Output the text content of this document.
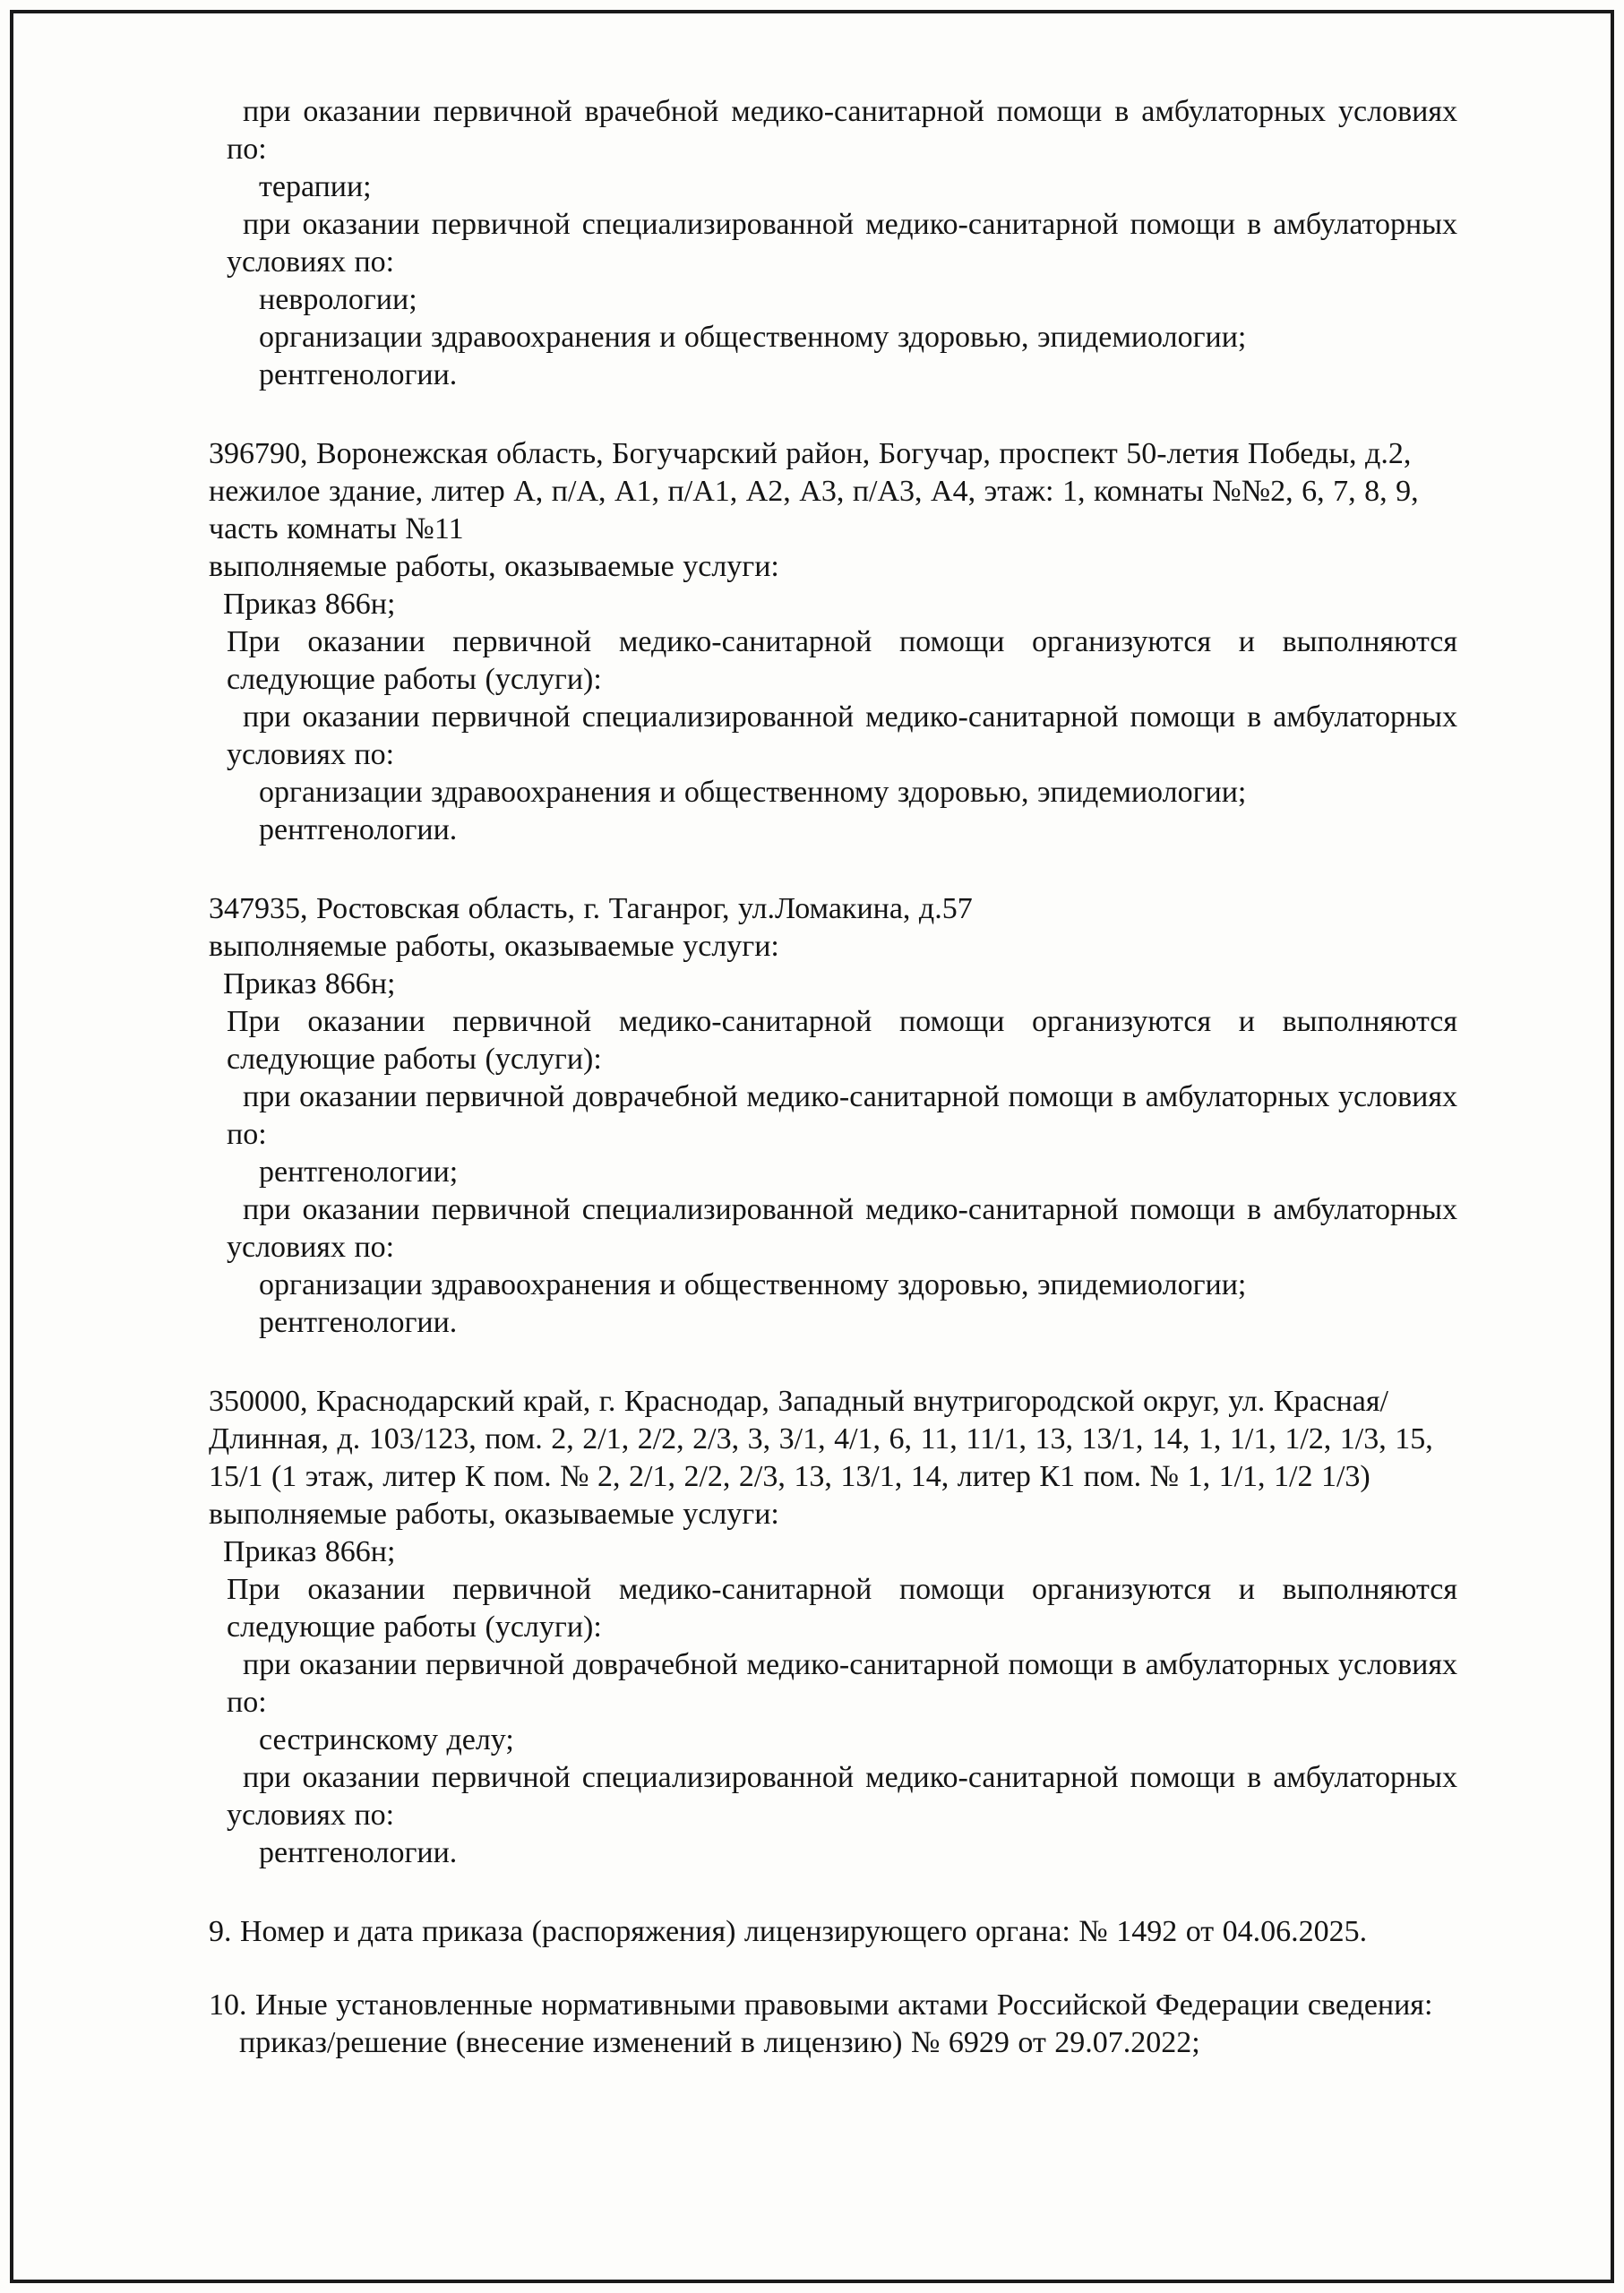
при оказании первичной врачебной медико-санитарной помощи в амбулаторных условиях по:

терапии;

при оказании первичной специализированной медико-санитарной помощи в амбулаторных условиях по:

неврологии;

организации здравоохранения и общественному здоровью, эпидемиологии;

рентгенологии.

396790, Воронежская область, Богучарский район, Богучар, проспект 50-летия Победы, д.2, нежилое здание, литер А, п/А, А1, п/А1, А2, А3, п/А3, А4, этаж: 1, комнаты №№2, 6, 7, 8, 9, часть комнаты №11

выполняемые работы, оказываемые услуги:

Приказ 866н;

При оказании первичной медико-санитарной помощи организуются и выполняются следующие работы (услуги):

при оказании первичной специализированной медико-санитарной помощи в амбулаторных условиях по:

организации здравоохранения и общественному здоровью, эпидемиологии;

рентгенологии.

347935, Ростовская область, г. Таганрог, ул.Ломакина, д.57

выполняемые работы, оказываемые услуги:

Приказ 866н;

При оказании первичной медико-санитарной помощи организуются и выполняются следующие работы (услуги):

при оказании первичной доврачебной медико-санитарной помощи в амбулаторных условиях по:

рентгенологии;

при оказании первичной специализированной медико-санитарной помощи в амбулаторных условиях по:

организации здравоохранения и общественному здоровью, эпидемиологии;

рентгенологии.

350000, Краснодарский край, г. Краснодар, Западный внутригородской округ, ул. Красная/Длинная, д. 103/123, пом. 2, 2/1, 2/2, 2/3, 3, 3/1, 4/1, 6, 11, 11/1, 13, 13/1, 14, 1, 1/1, 1/2, 1/3, 15, 15/1 (1 этаж, литер К пом. № 2, 2/1, 2/2, 2/3, 13, 13/1, 14, литер К1 пом. № 1, 1/1, 1/2 1/3)

выполняемые работы, оказываемые услуги:

Приказ 866н;

При оказании первичной медико-санитарной помощи организуются и выполняются следующие работы (услуги):

при оказании первичной доврачебной медико-санитарной помощи в амбулаторных условиях по:

сестринскому делу;

при оказании первичной специализированной медико-санитарной помощи в амбулаторных условиях по:

рентгенологии.

9. Номер и дата приказа (распоряжения) лицензирующего органа: № 1492 от 04.06.2025.

10. Иные установленные нормативными правовыми актами Российской Федерации сведения: приказ/решение (внесение изменений в лицензию) № 6929 от 29.07.2022;
